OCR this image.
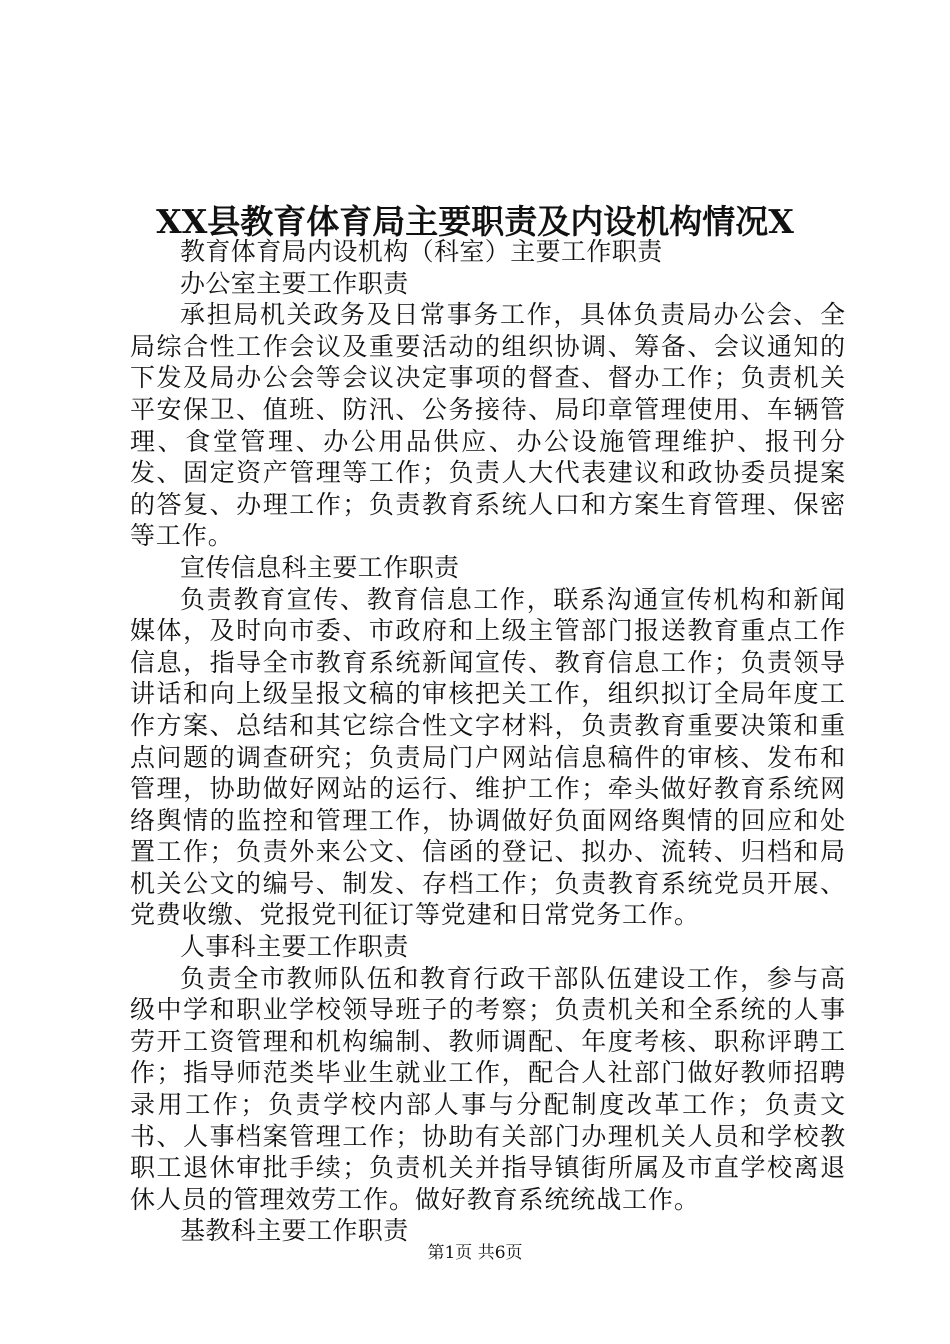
XX县教育体育局主要职责及内设机构情况X

教育体育局内设机构（科室）主要工作职责

办公室主要工作职责

承担局机关政务及日常事务工作，具体负责局办公会、全局综合性工作会议及重要活动的组织协调、筹备、会议通知的下发及局办公会等会议决定事项的督查、督办工作；负责机关平安保卫、值班、防汛、公务接待、局印章管理使用、车辆管理、食堂管理、办公用品供应、办公设施管理维护、报刊分发、固定资产管理等工作；负责人大代表建议和政协委员提案的答复、办理工作；负责教育系统人口和方案生育管理、保密等工作。

宣传信息科主要工作职责

负责教育宣传、教育信息工作，联系沟通宣传机构和新闻媒体，及时向市委、市政府和上级主管部门报送教育重点工作信息，指导全市教育系统新闻宣传、教育信息工作；负责领导讲话和向上级呈报文稿的审核把关工作，组织拟订全局年度工作方案、总结和其它综合性文字材料，负责教育重要决策和重点问题的调查研究；负责局门户网站信息稿件的审核、发布和管理，协助做好网站的运行、维护工作；牵头做好教育系统网络舆情的监控和管理工作，协调做好负面网络舆情的回应和处置工作；负责外来公文、信函的登记、拟办、流转、归档和局机关公文的编号、制发、存档工作；负责教育系统党员开展、党费收缴、党报党刊征订等党建和日常党务工作。

人事科主要工作职责

负责全市教师队伍和教育行政干部队伍建设工作，参与高级中学和职业学校领导班子的考察；负责机关和全系统的人事劳开工资管理和机构编制、教师调配、年度考核、职称评聘工作；指导师范类毕业生就业工作，配合人社部门做好教师招聘录用工作；负责学校内部人事与分配制度改革工作；负责文书、人事档案管理工作；协助有关部门办理机关人员和学校教职工退休审批手续；负责机关并指导镇街所属及市直学校离退休人员的管理效劳工作。做好教育系统统战工作。

基教科主要工作职责

第1页 共6页
